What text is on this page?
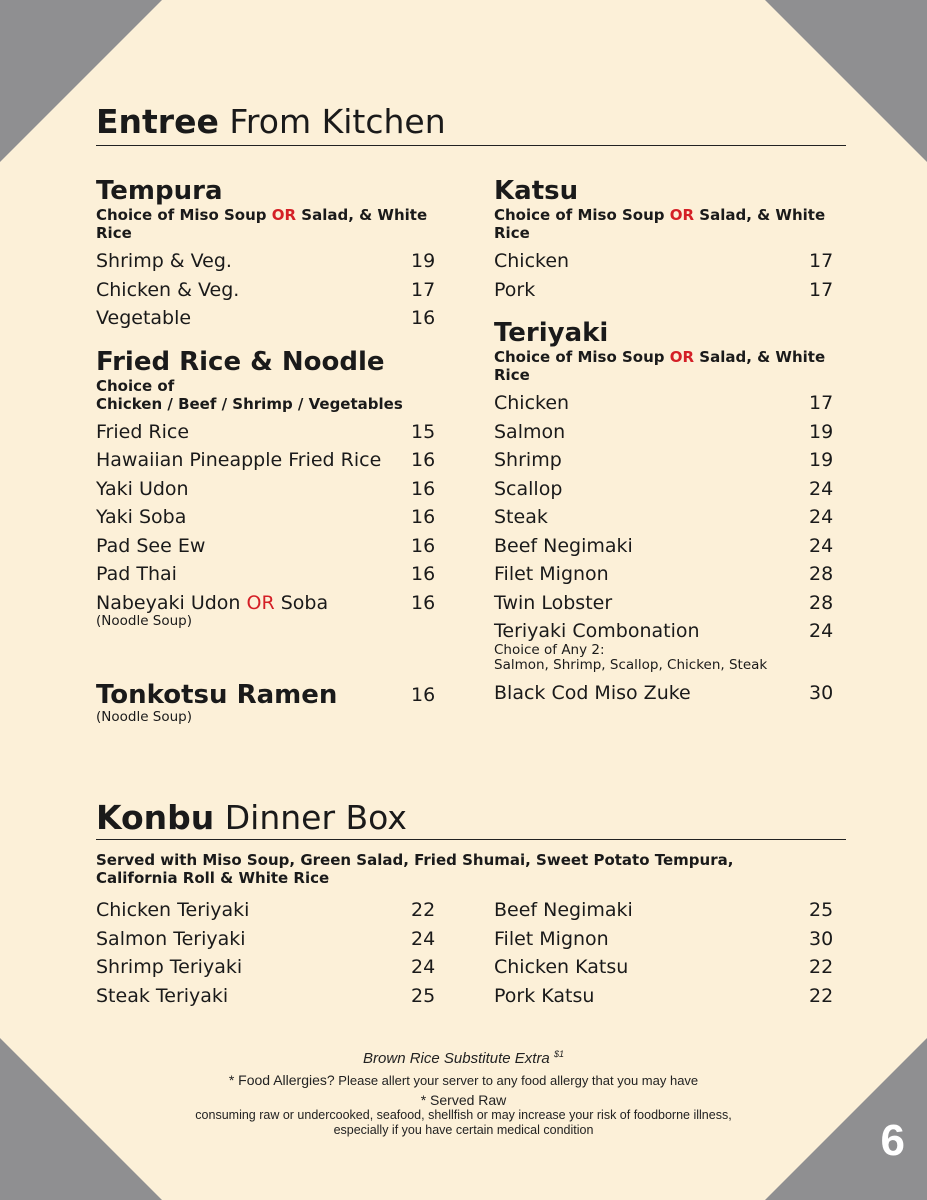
Entree From Kitchen
Tempura
Choice of Miso Soup OR Salad, & White Rice
Shrimp & Veg.	19
Chicken & Veg.	17
Vegetable	16
Fried Rice & Noodle
Choice of
Chicken / Beef / Shrimp / Vegetables
Fried Rice	15
Hawaiian Pineapple Fried Rice 16
Yaki Udon	16
Yaki Soba	16
Pad See Ew	16
Pad Thai	16
Nabeyaki Udon OR Soba	16
(Noodle Soup)
Tonkotsu Ramen	16
(Noodle Soup)
Katsu
Choice of Miso Soup OR Salad, & White Rice
Chicken	17
Pork	17
Teriyaki
Choice of Miso Soup OR Salad, & White Rice
Chicken	17
Salmon	19
Shrimp	19
Scallop	24
Steak	24
Beef Negimaki	24
Filet Mignon	28
Twin Lobster	28
Teriyaki Combonation	24
Choice of Any 2:
Salmon, Shrimp, Scallop, Chicken, Steak
Black Cod Miso Zuke	30
Konbu Dinner Box
Served with Miso Soup, Green Salad, Fried Shumai, Sweet Potato Tempura,
California Roll & White Rice
Chicken Teriyaki	22
Salmon Teriyaki	24
Shrimp Teriyaki	24
Steak Teriyaki	25
Beef Negimaki	25
Filet Mignon	30
Chicken Katsu	22
Pork Katsu	22
Brown Rice Substitute Extra $^{\$1}$
* Food Allergies? Please allert your server to any food allergy that you may have
* Served Raw
consuming raw or undercooked, seafood, shellfish or may increase your risk of foodborne illness,
especially if you have certain medical condition	6
